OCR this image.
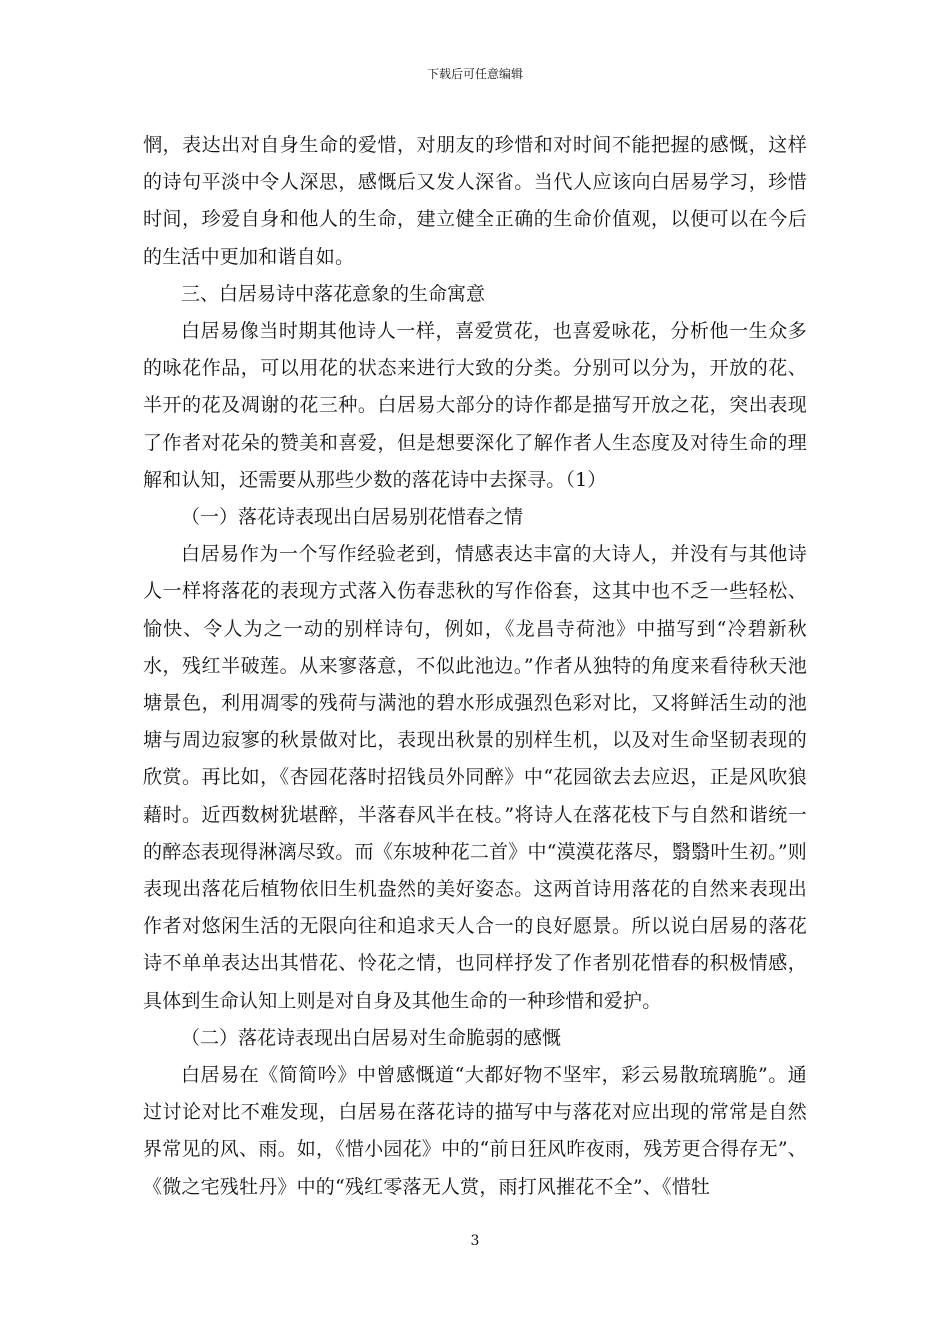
下载后可任意编辑

惘，表达出对自身生命的爱惜，对朋友的珍惜和对时间不能把握的感慨，这样的诗句平淡中令人深思，感慨后又发人深省。当代人应该向白居易学习，珍惜时间，珍爱自身和他人的生命，建立健全正确的生命价值观，以便可以在今后的生活中更加和谐自如。

三、白居易诗中落花意象的生命寓意

白居易像当时期其他诗人一样，喜爱赏花，也喜爱咏花，分析他一生众多的咏花作品，可以用花的状态来进行大致的分类。分别可以分为，开放的花、半开的花及凋谢的花三种。白居易大部分的诗作都是描写开放之花，突出表现了作者对花朵的赞美和喜爱，但是想要深化了解作者人生态度及对待生命的理解和认知，还需要从那些少数的落花诗中去探寻。（1）

（一）落花诗表现出白居易别花惜春之情

白居易作为一个写作经验老到，情感表达丰富的大诗人，并没有与其他诗人一样将落花的表现方式落入伤春悲秋的写作俗套，这其中也不乏一些轻松、愉快、令人为之一动的别样诗句，例如，《龙昌寺荷池》中描写到“冷碧新秋水，残红半破莲。从来寥落意，不似此池边。”作者从独特的角度来看待秋天池塘景色，利用凋零的残荷与满池的碧水形成强烈色彩对比，又将鲜活生动的池塘与周边寂寥的秋景做对比，表现出秋景的别样生机，以及对生命坚韧表现的欣赏。再比如，《杏园花落时招钱员外同醉》中“花园欲去去应迟，正是风吹狼藉时。近西数树犹堪醉，半落春风半在枝。”将诗人在落花枝下与自然和谐统一的醉态表现得淋漓尽致。而《东坡种花二首》中“漠漠花落尽，翳翳叶生初。”则表现出落花后植物依旧生机盎然的美好姿态。这两首诗用落花的自然来表现出作者对悠闲生活的无限向往和追求天人合一的良好愿景。所以说白居易的落花诗不单单表达出其惜花、怜花之情，也同样抒发了作者别花惜春的积极情感，具体到生命认知上则是对自身及其他生命的一种珍惜和爱护。

（二）落花诗表现出白居易对生命脆弱的感慨

白居易在《简简吟》中曾感慨道“大都好物不坚牢，彩云易散琉璃脆”。通过讨论对比不难发现，白居易在落花诗的描写中与落花对应出现的常常是自然界常见的风、雨。如，《惜小园花》中的“前日狂风昨夜雨，残芳更合得存无”、《微之宅残牡丹》中的“残红零落无人赏，雨打风摧花不全”、《惜牡

3
